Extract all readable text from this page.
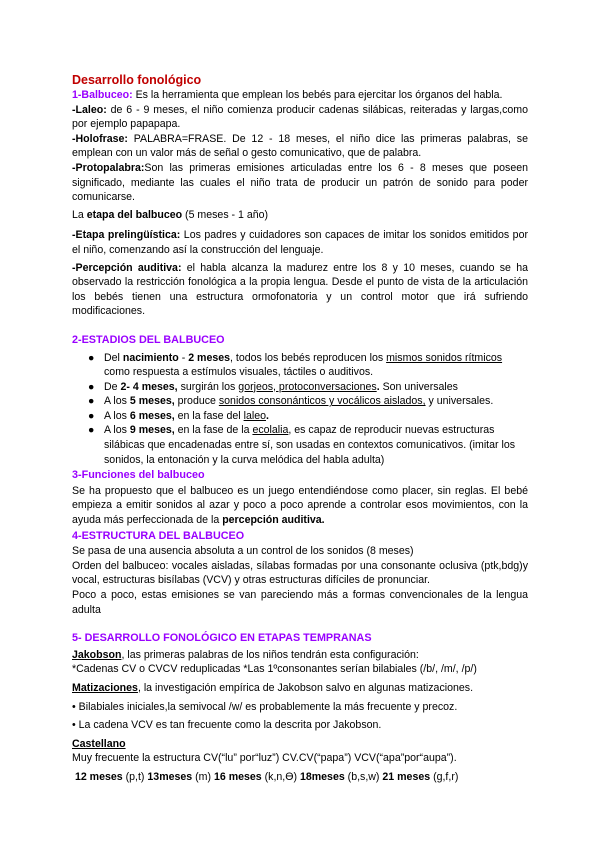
Desarrollo fonológico

1-Balbuceo: Es la herramienta que emplean los bebés para ejercitar los órganos del habla.

-Laleo: de 6 - 9 meses, el niño comienza producir cadenas silábicas, reiteradas y largas,como por ejemplo papapapa.

-Holofrase: PALABRA=FRASE. De 12 - 18 meses, el niño dice las primeras palabras, se emplean con un valor más de señal o gesto comunicativo, que de palabra.

-Protopalabra:Son las primeras emisiones articuladas entre los 6 - 8 meses que poseen significado, mediante las cuales el niño trata de producir un patrón de sonido para poder comunicarse.

La etapa del balbuceo (5 meses - 1 año)

-Etapa prelingüística: Los padres y cuidadores son capaces de imitar los sonidos emitidos por el niño, comenzando así la construcción del lenguaje.

-Percepción auditiva: el habla alcanza la madurez entre los 8 y 10 meses, cuando se ha observado la restricción fonológica a la propia lengua. Desde el punto de vista de la articulación los bebés tienen una estructura ormofonatoria y un control motor que irá sufriendo modificaciones.

2-ESTADIOS DEL BALBUCEO

● Del nacimiento - 2 meses, todos los bebés reproducen los mismos sonidos rítmicos como respuesta a estímulos visuales, táctiles o auditivos.
● De 2- 4 meses, surgirán los gorjeos, protoconversaciones. Son universales
● A los 5 meses, produce sonidos consonánticos y vocálicos aislados, y universales.
● A los 6 meses, en la fase del laleo.
● A los 9 meses, en la fase de la ecolalia, es capaz de reproducir nuevas estructuras silábicas que encadenadas entre sí, son usadas en contextos comunicativos. (imitar los sonidos, la entonación y la curva melódica del habla adulta)

3-Funciones del balbuceo

Se ha propuesto que el balbuceo es un juego entendiéndose como placer, sin reglas. El bebé empieza a emitir sonidos al azar y poco a poco aprende a controlar esos movimientos, con la ayuda más perfeccionada de la percepción auditiva.

4-ESTRUCTURA DEL BALBUCEO

Se pasa de una ausencia absoluta a un control de los sonidos (8 meses)

Orden del balbuceo: vocales aisladas, sílabas formadas por una consonante oclusiva (ptk,bdg)y vocal, estructuras bisílabas (VCV) y otras estructuras difíciles de pronunciar.

Poco a poco, estas emisiones se van pareciendo más a formas convencionales de la lengua adulta

5- DESARROLLO FONOLÓGICO EN ETAPAS TEMPRANAS

Jakobson, las primeras palabras de los niños tendrán esta configuración:

*Cadenas CV o CVCV reduplicadas *Las 1ºconsonantes serían bilabiales (/b/, /m/, /p/)

Matizaciones, la investigación empírica de Jakobson salvo en algunas matizaciones.

• Bilabiales iniciales,la semivocal /w/ es probablemente la más frecuente y precoz.

• La cadena VCV es tan frecuente como la descrita por Jakobson.

Castellano

Muy frecuente la estructura CV(“lu” por“luz”) CV.CV(“papa”) VCV(“apa”por“aupa”).

12 meses (p,t) 13meses (m) 16 meses (k,n,Ɵ) 18meses (b,s,w) 21 meses (g,f,r)
